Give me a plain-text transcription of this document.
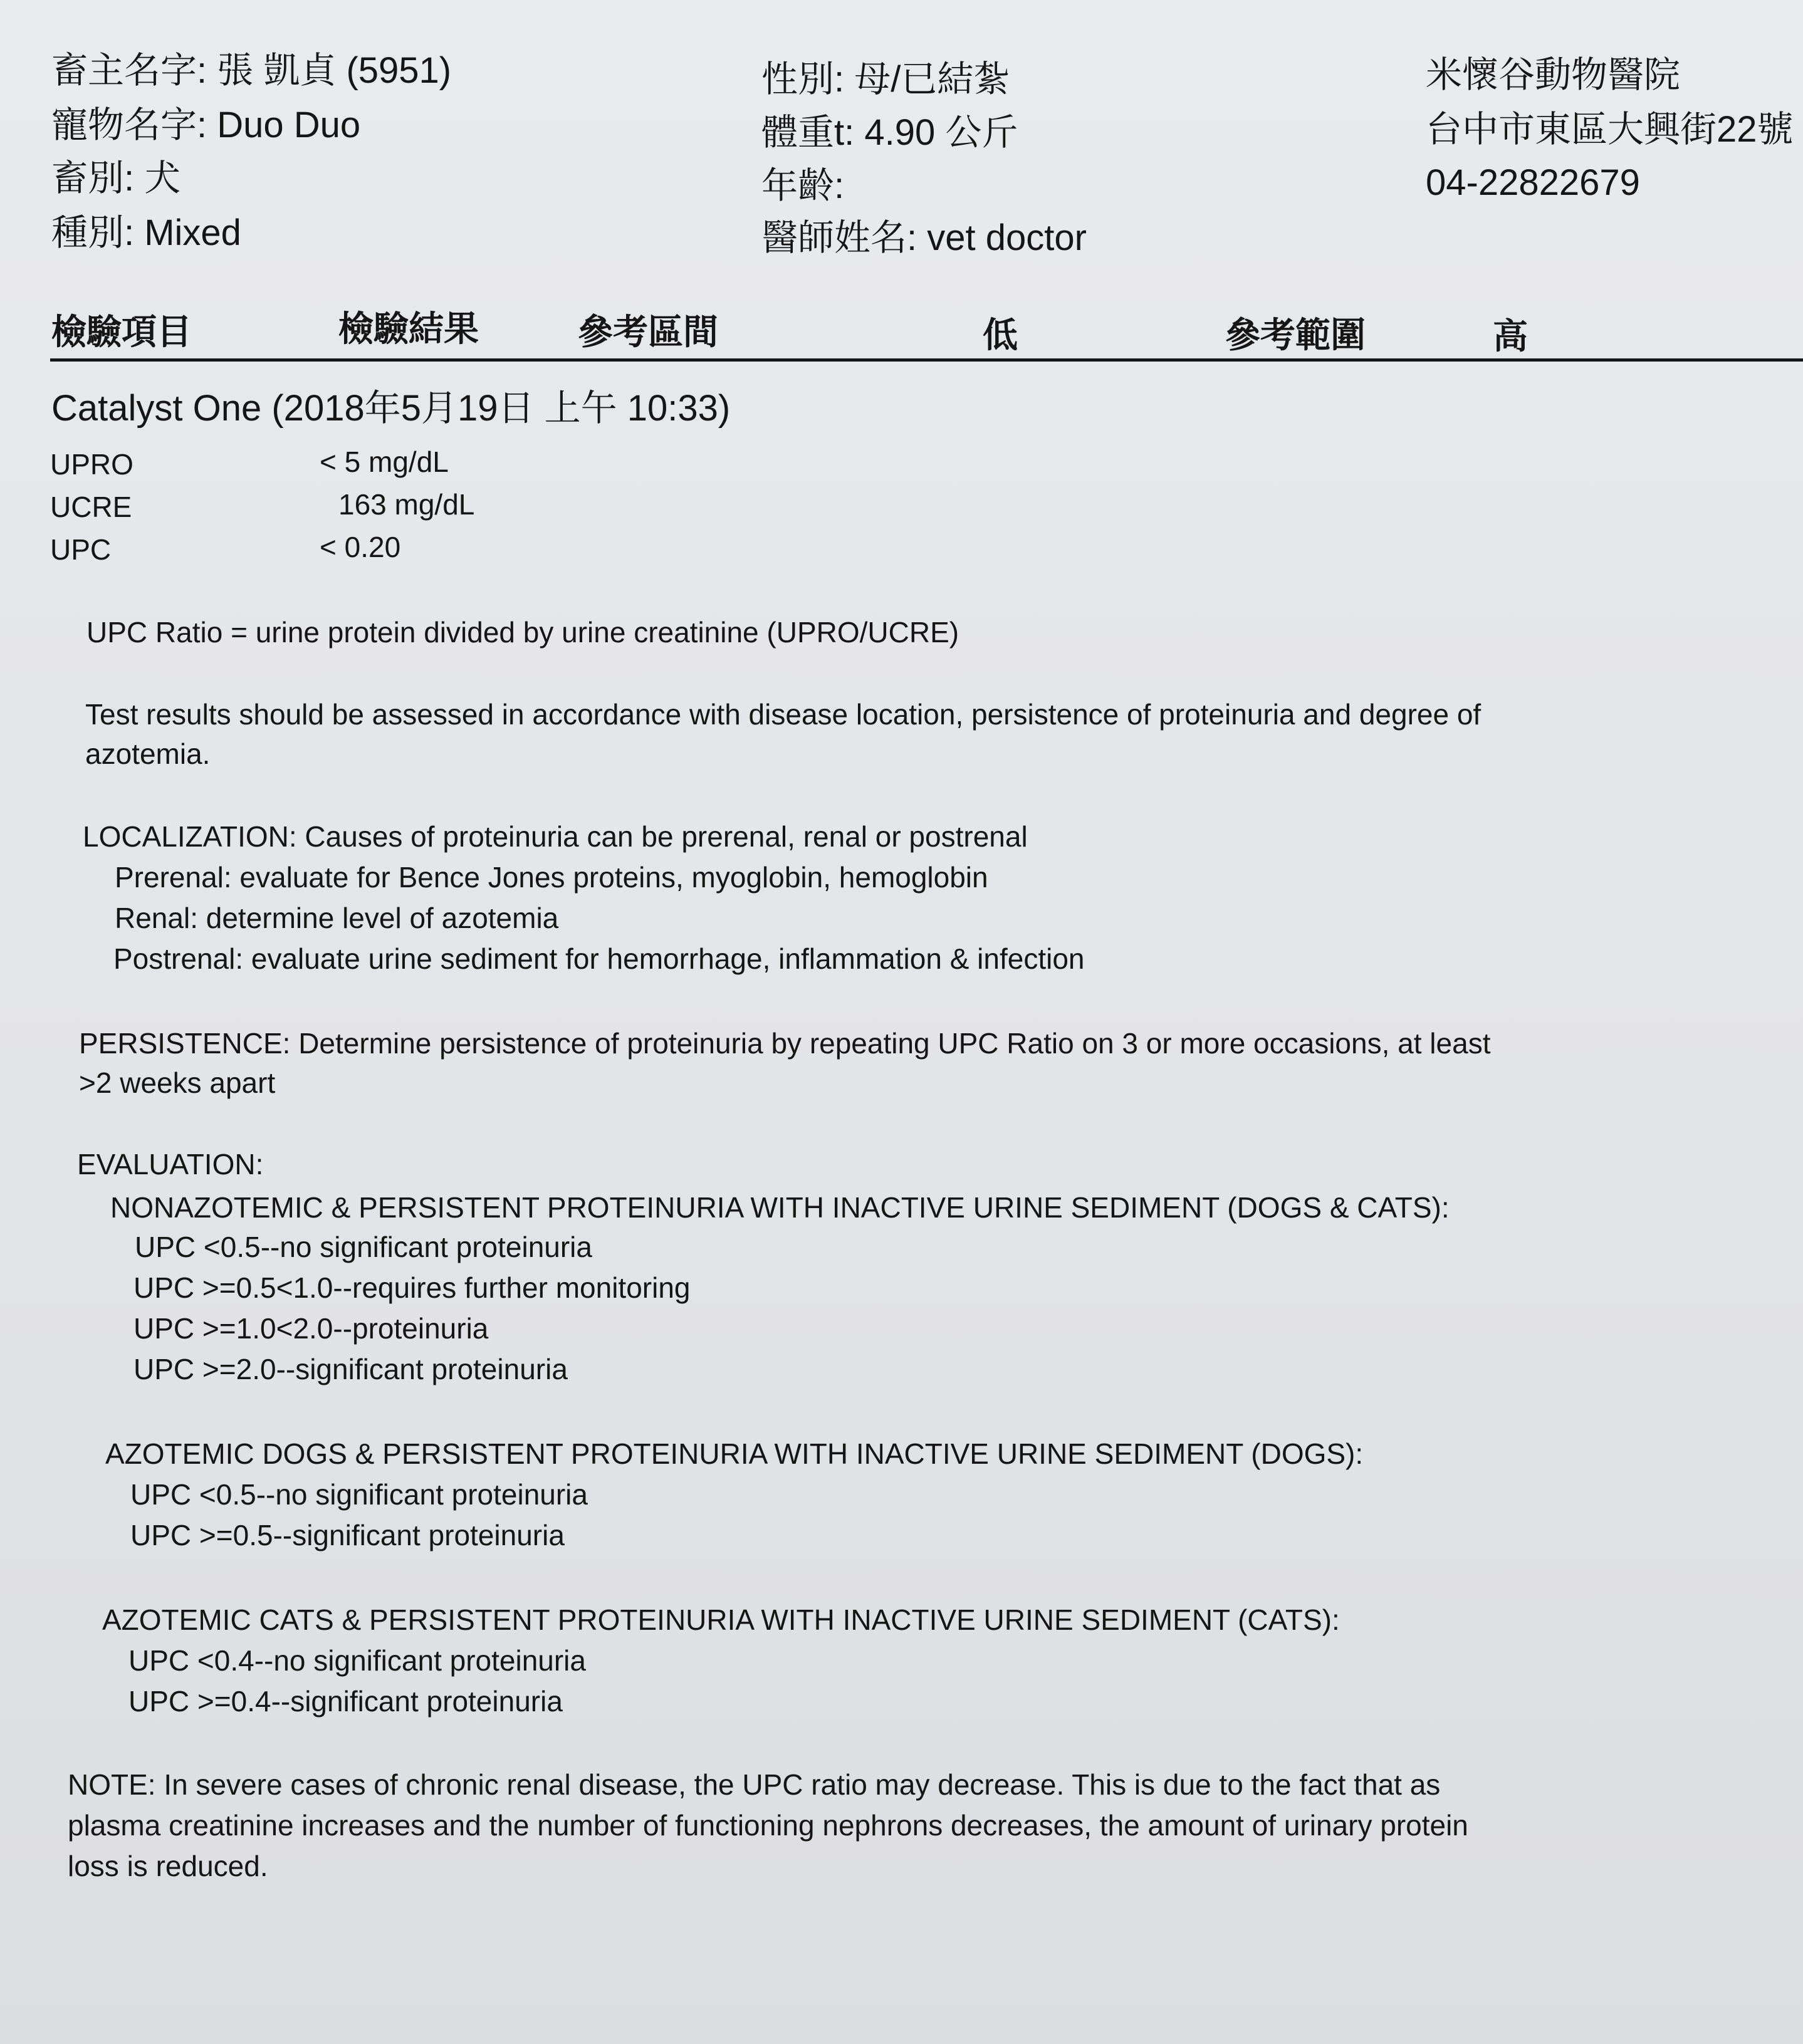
畜主名字: 張 凱貞 (5951)
寵物名字: Duo Duo
畜別: 犬
種別: Mixed
性別: 母/已結紮
體重t: 4.90 公斤
年齡:
醫師姓名: vet doctor
米懷谷動物醫院
台中市東區大興街22號
04-22822679
檢驗項目	檢驗結果	參考區間	低	參考範圍	高
Catalyst One (2018年5月19日 上午 10:33)
UPRO	< 5 mg/dL
UCRE	163 mg/dL
UPC	< 0.20
UPC Ratio = urine protein divided by urine creatinine (UPRO/UCRE)
Test results should be assessed in accordance with disease location, persistence of proteinuria and degree of
azotemia.
LOCALIZATION: Causes of proteinuria can be prerenal, renal or postrenal
Prerenal: evaluate for Bence Jones proteins, myoglobin, hemoglobin
Renal: determine level of azotemia
Postrenal: evaluate urine sediment for hemorrhage, inflammation & infection
PERSISTENCE: Determine persistence of proteinuria by repeating UPC Ratio on 3 or more occasions, at least
>2 weeks apart
EVALUATION:
NONAZOTEMIC & PERSISTENT PROTEINURIA WITH INACTIVE URINE SEDIMENT (DOGS & CATS):
UPC <0.5--no significant proteinuria
UPC >=0.5<1.0--requires further monitoring
UPC >=1.0<2.0--proteinuria
UPC >=2.0--significant proteinuria
AZOTEMIC DOGS & PERSISTENT PROTEINURIA WITH INACTIVE URINE SEDIMENT (DOGS):
UPC <0.5--no significant proteinuria
UPC >=0.5--significant proteinuria
AZOTEMIC CATS & PERSISTENT PROTEINURIA WITH INACTIVE URINE SEDIMENT (CATS):
UPC <0.4--no significant proteinuria
UPC >=0.4--significant proteinuria
NOTE: In severe cases of chronic renal disease, the UPC ratio may decrease. This is due to the fact that as
plasma creatinine increases and the number of functioning nephrons decreases, the amount of urinary protein
loss is reduced.
